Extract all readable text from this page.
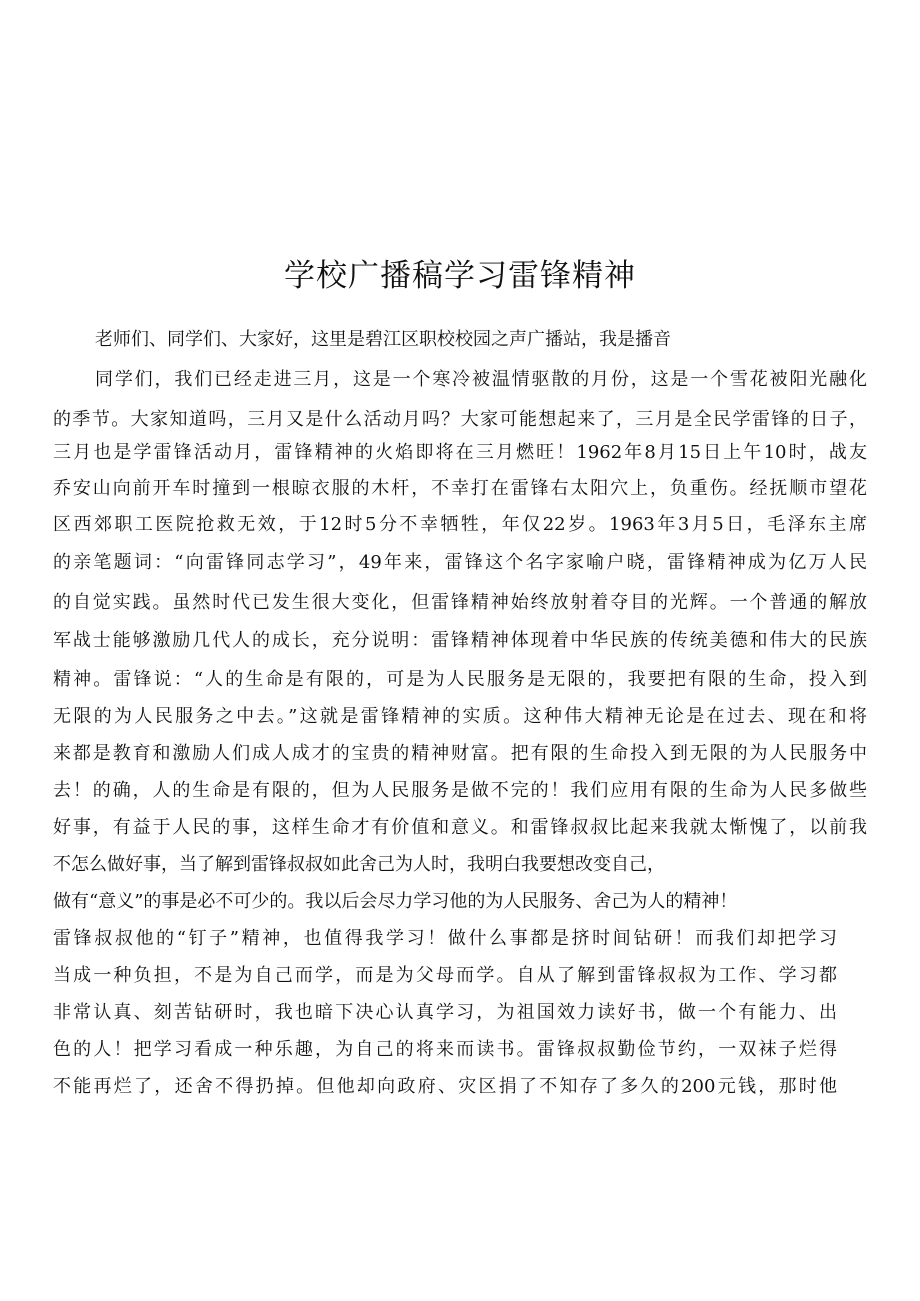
学校广播稿学习雷锋精神

老师们、同学们、大家好，这里是碧江区职校校园之声广播站，我是播音

同学们，我们已经走进三月，这是一个寒冷被温情驱散的月份，这是一个雪花被阳光融化

的季节。大家知道吗，三月又是什么活动月吗？大家可能想起来了，三月是全民学雷锋的日子，

三月也是学雷锋活动月，雷锋精神的火焰即将在三月燃旺！1962年8月15日上午10时，战友

乔安山向前开车时撞到一根晾衣服的木杆，不幸打在雷锋右太阳穴上，负重伤。经抚顺市望花

区西郊职工医院抢救无效，于12时5分不幸牺牲，年仅22岁。1963年3月5日，毛泽东主席

的亲笔题词：“向雷锋同志学习”，49年来，雷锋这个名字家喻户晓，雷锋精神成为亿万人民

的自觉实践。虽然时代已发生很大变化，但雷锋精神始终放射着夺目的光辉。一个普通的解放

军战士能够激励几代人的成长，充分说明：雷锋精神体现着中华民族的传统美德和伟大的民族

精神。雷锋说：“人的生命是有限的，可是为人民服务是无限的，我要把有限的生命，投入到

无限的为人民服务之中去。”这就是雷锋精神的实质。这种伟大精神无论是在过去、现在和将

来都是教育和激励人们成人成才的宝贵的精神财富。把有限的生命投入到无限的为人民服务中

去！的确，人的生命是有限的，但为人民服务是做不完的！我们应用有限的生命为人民多做些

好事，有益于人民的事，这样生命才有价值和意义。和雷锋叔叔比起来我就太惭愧了，以前我

不怎么做好事，当了解到雷锋叔叔如此舍己为人时，我明白我要想改变自己，

做有“意义”的事是必不可少的。我以后会尽力学习他的为人民服务、舍己为人的精神！

雷锋叔叔他的“钉子”精神，也值得我学习！做什么事都是挤时间钻研！而我们却把学习

当成一种负担，不是为自己而学，而是为父母而学。自从了解到雷锋叔叔为工作、学习都

非常认真、刻苦钻研时，我也暗下决心认真学习，为祖国效力读好书，做一个有能力、出

色的人！把学习看成一种乐趣，为自己的将来而读书。雷锋叔叔勤俭节约，一双袜子烂得

不能再烂了，还舍不得扔掉。但他却向政府、灾区捐了不知存了多久的200元钱，那时他
